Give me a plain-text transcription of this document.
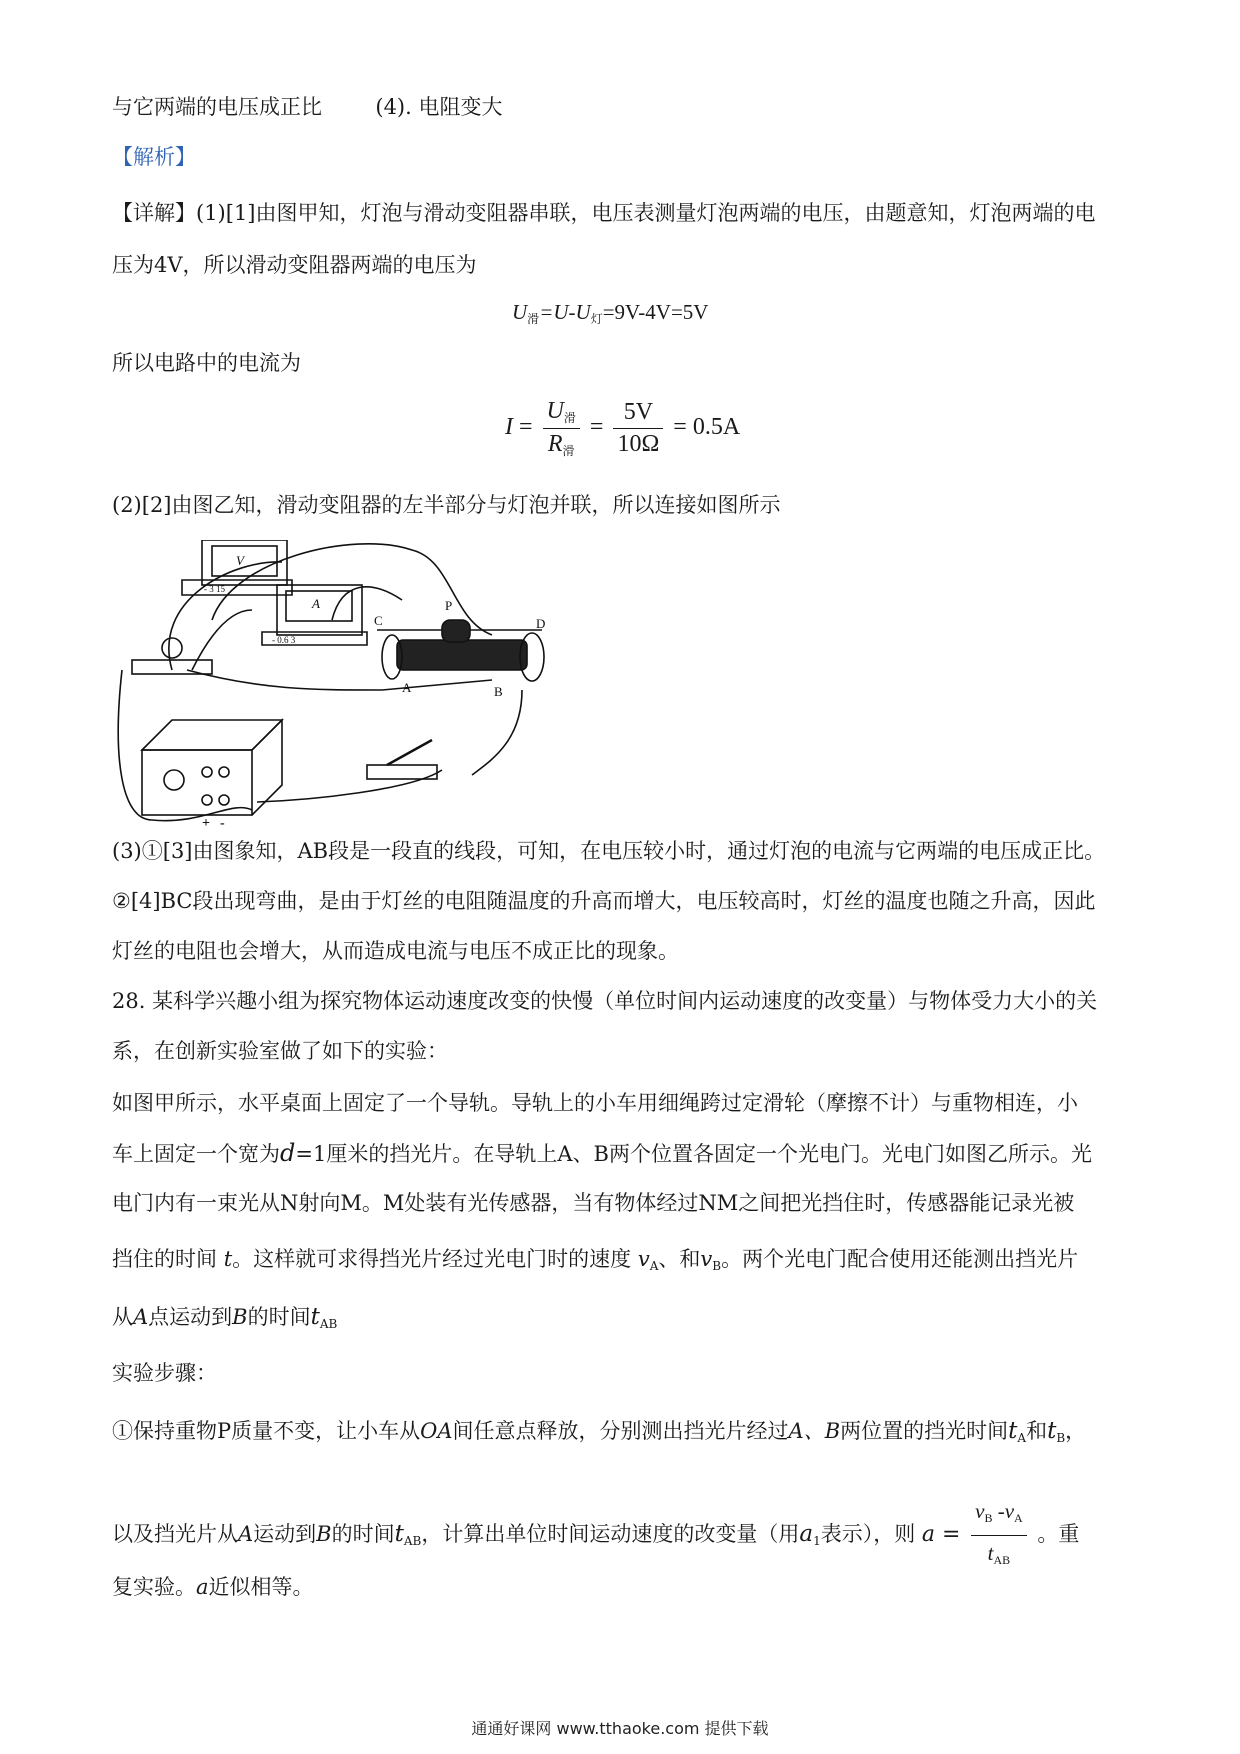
与它两端的电压成正比	(4). 电阻变大
【解析】
【详解】(1)[1]由图甲知，灯泡与滑动变阻器串联，电压表测量灯泡两端的电压，由题意知，灯泡两端的电
压为4V，所以滑动变阻器两端的电压为
$U_滑=U-U_灯=9V-4V=5V$
所以电路中的电流为
$I = \frac{U_滑}{R_滑} = \frac{5V}{10\Omega} = 0.5A$
(2)[2]由图乙知，滑动变阻器的左半部分与灯泡并联，所以连接如图所示
V
A
- 3 15
- 0.6 3
C
P
D
A	B
+ -
(3)①[3]由图象知，AB段是一段直的线段，可知，在电压较小时，通过灯泡的电流与它两端的电压成正比。
②[4]BC段出现弯曲，是由于灯丝的电阻随温度的升高而增大，电压较高时，灯丝的温度也随之升高，因此
灯丝的电阻也会增大，从而造成电流与电压不成正比的现象。
28. 某科学兴趣小组为探究物体运动速度改变的快慢（单位时间内运动速度的改变量）与物体受力大小的关
系，在创新实验室做了如下的实验：
如图甲所示，水平桌面上固定了一个导轨。导轨上的小车用细绳跨过定滑轮（摩擦不计）与重物相连，小
车上固定一个宽为d=1厘米的挡光片。在导轨上A、B两个位置各固定一个光电门。光电门如图乙所示。光
电门内有一束光从N射向M。M处装有光传感器，当有物体经过NM之间把光挡住时，传感器能记录光被
挡住的时间 t。这样就可求得挡光片经过光电门时的速度 $v_A$、和$v_B$。两个光电门配合使用还能测出挡光片
从A点运动到B的时间$t_{AB}$
实验步骤：
①保持重物P质量不变，让小车从OA间任意点释放，分别测出挡光片经过A、B两位置的挡光时间$t_A$和$t_B$，
以及挡光片从A运动到B的时间$t_{AB}$，计算出单位时间运动速度的改变量（用$a_1$表示），则 $a = \frac{v_B -v_A}{t_{AB}}$ 。重
复实验。a近似相等。
通通好课网 www.tthaoke.com 提供下载
